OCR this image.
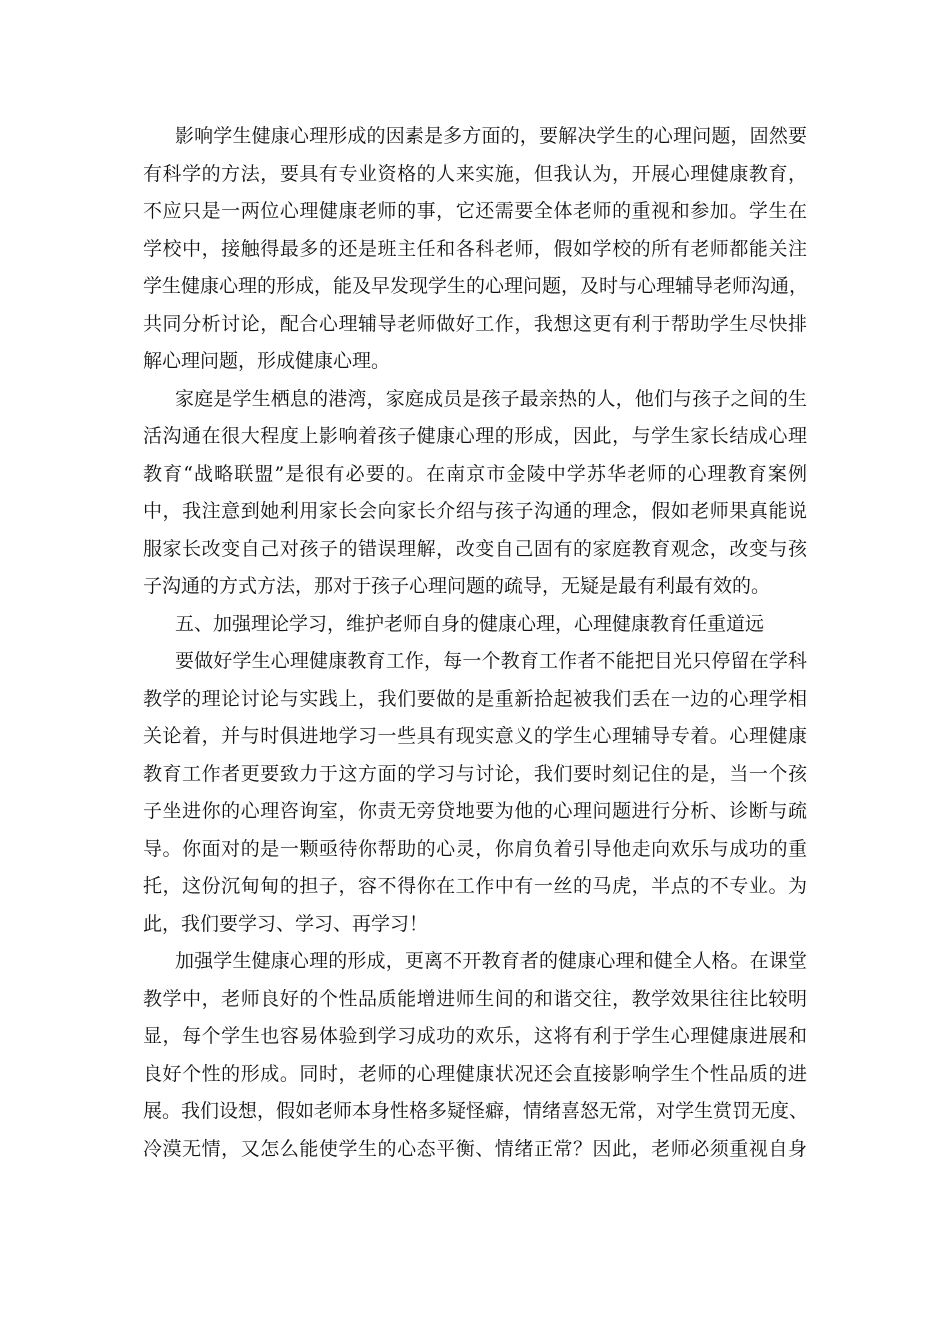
影响学生健康心理形成的因素是多方面的，要解决学生的心理问题，固然要
有科学的方法，要具有专业资格的人来实施，但我认为，开展心理健康教育，
不应只是一两位心理健康老师的事，它还需要全体老师的重视和参加。学生在
学校中，接触得最多的还是班主任和各科老师，假如学校的所有老师都能关注
学生健康心理的形成，能及早发现学生的心理问题，及时与心理辅导老师沟通，
共同分析讨论，配合心理辅导老师做好工作，我想这更有利于帮助学生尽快排
解心理问题，形成健康心理。

家庭是学生栖息的港湾，家庭成员是孩子最亲热的人，他们与孩子之间的生
活沟通在很大程度上影响着孩子健康心理的形成，因此，与学生家长结成心理
教育“战略联盟”是很有必要的。在南京市金陵中学苏华老师的心理教育案例
中，我注意到她利用家长会向家长介绍与孩子沟通的理念，假如老师果真能说
服家长改变自己对孩子的错误理解，改变自己固有的家庭教育观念，改变与孩
子沟通的方式方法，那对于孩子心理问题的疏导，无疑是最有利最有效的。

五、加强理论学习，维护老师自身的健康心理，心理健康教育任重道远

要做好学生心理健康教育工作，每一个教育工作者不能把目光只停留在学科
教学的理论讨论与实践上，我们要做的是重新拾起被我们丢在一边的心理学相
关论着，并与时俱进地学习一些具有现实意义的学生心理辅导专着。心理健康
教育工作者更要致力于这方面的学习与讨论，我们要时刻记住的是，当一个孩
子坐进你的心理咨询室，你责无旁贷地要为他的心理问题进行分析、诊断与疏
导。你面对的是一颗亟待你帮助的心灵，你肩负着引导他走向欢乐与成功的重
托，这份沉甸甸的担子，容不得你在工作中有一丝的马虎，半点的不专业。为
此，我们要学习、学习、再学习！

加强学生健康心理的形成，更离不开教育者的健康心理和健全人格。在课堂
教学中，老师良好的个性品质能增进师生间的和谐交往，教学效果往往比较明
显，每个学生也容易体验到学习成功的欢乐，这将有利于学生心理健康进展和
良好个性的形成。同时，老师的心理健康状况还会直接影响学生个性品质的进
展。我们设想，假如老师本身性格多疑怪癖，情绪喜怒无常，对学生赏罚无度、
冷漠无情，又怎么能使学生的心态平衡、情绪正常？因此，老师必须重视自身
